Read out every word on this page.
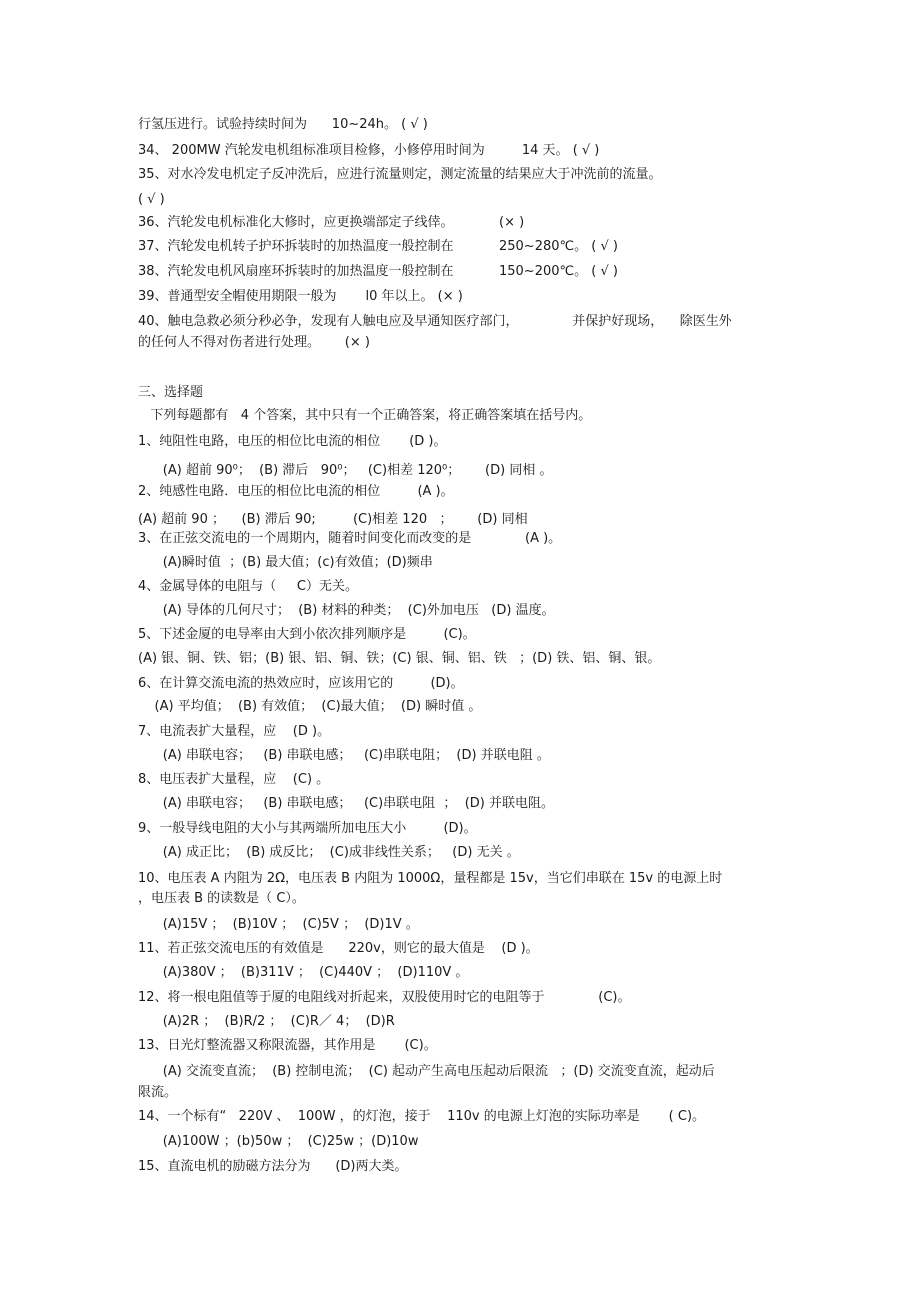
行氢压进行。试验持续时间为      10~24h。 ( √ )
34、 200MW 汽轮发电机组标准项目检修，小修停用时间为         14 天。 ( √ )
35、对水冷发电机定子反冲洗后，应进行流量则定，测定流量的结果应大于冲洗前的流量。
( √ )
36、汽轮发电机标准化大修时，应更换端部定子线倖。           (× )
37、汽轮发电机转子护环拆装时的加热温度一般控制在           250~280℃。 ( √ )
38、汽轮发电机风扇座环拆装时的加热温度一般控制在           150~200℃。 ( √ )
39、普通型安全帽使用期限一般为       l0 年以上。 (× )
40、触电急救必须分秒必争，发现有人触电应及早通知医疗部门，             并保护好现场，    除医生外
的任何人不得对伤者进行处理。      (× )
三、选择题
下列每题都有   4 个答案，其中只有一个正确答案，将正确答案填在括号内。
1、纯阻性电路，电压的相位比电流的相位       (D )。
(A) 超前 90⁰；  (B) 滞后   90⁰；   (C)相差 120⁰；      (D) 同相 。
2、纯感性电路．电压的相位比电流的相位         (A )。
(A) 超前 90 ；    (B) 滞后 90;         (C)相差 120   ；      (D) 同相
3、在正弦交流电的一个周期内，随着时间变化而改变的是             (A )。
(A)瞬时值  ；(B) 最大值；(c)有效值；(D)频串
4、金属导体的电阻与（     C）无关。
(A) 导体的几何尺寸；  (B) 材料的种类；  (C)外加电压   (D) 温度。
5、下述金厦的电导率由大到小依次排列顺序是         (C)。
(A) 银、铜、铁、铝；(B) 银、铝、铜、铁；(C) 银、铜、铝、铁   ；(D) 铁、铝、铜、银。
6、在计算交流电流的热效应时，应该用它的         (D)。
(A) 平均值；  (B) 有效值；  (C)最大值；  (D) 瞬时值 。
7、电流表扩大量程，应    (D )。
(A) 串联电容；   (B) 串联电感；   (C)串联电阻；  (D) 并联电阻 。
8、电压表扩大量程，应    (C) 。
(A) 串联电容；   (B) 串联电感；   (C)串联电阻  ；  (D) 并联电阻。
9、一般导线电阻的大小与其两端所加电压大小         (D)。
(A) 成正比；  (B) 成反比；  (C)成非线性关系；   (D) 无关 。
10、电压表 A 内阻为 2Ω，电压表 B 内阻为 1000Ω，量程都是 15v，当它们串联在 15v 的电源上时
，电压表 B 的读数是（ C）。
(A)15V ；  (B)10V ；  (C)5V ；  (D)1V 。
11、若正弦交流电压的有效值是      220v，则它的最大值是    (D )。
(A)380V ；  (B)311V ；  (C)440V ；  (D)110V 。
12、将一根电阻值等于厦的电阻线对折起来，双股使用时它的电阻等于             (C)。
(A)2R ；  (B)R/2 ；  (C)R／ 4；  (D)R
13、日光灯整流器又称限流器，其作用是       (C)。
(A) 交流变直流；  (B) 控制电流；  (C) 起动产生高电压起动后限流   ；(D) 交流变直流，起动后
限流。
14、一个标有“   220V 、  100W ，的灯泡，接于    110v 的电源上灯泡的实际功率是       ( C)。
(A)100W ；(b)50w ；  (C)25w ；(D)10w
15、直流电机的励磁方法分为      (D)两大类。
